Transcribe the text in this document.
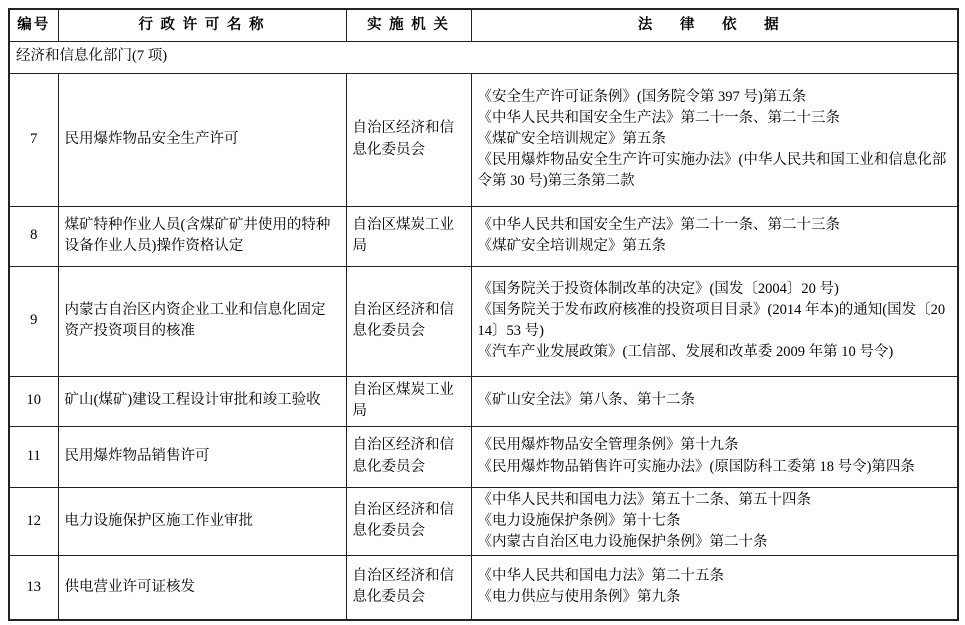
编号	行 政 许 可 名 称	实 施 机 关	法 律 依 据
经济和信息化部门(7 项)			
7	民用爆炸物品安全生产许可	自治区经济和信息化委员会	《安全生产许可证条例》(国务院令第 397 号)第五条
《中华人民共和国安全生产法》第二十一条、第二十三条
《煤矿安全培训规定》第五条
《民用爆炸物品安全生产许可实施办法》(中华人民共和国工业和信息化部令第 30 号)第三条第二款

8	煤矿特种作业人员(含煤矿矿井使用的特种设备作业人员)操作资格认定	自治区煤炭工业局	《中华人民共和国安全生产法》第二十一条、第二十三条
《煤矿安全培训规定》第五条

9	内蒙古自治区内资企业工业和信息化固定资产投资项目的核准	自治区经济和信息化委员会	《国务院关于投资体制改革的决定》(国发〔2004〕20 号)
《国务院关于发布政府核准的投资项目目录》(2014 年本)的通知(国发〔2014〕53 号)
《汽车产业发展政策》(工信部、发展和改革委 2009 年第 10 号令)

10	矿山(煤矿)建设工程设计审批和竣工验收	自治区煤炭工业局	《矿山安全法》第八条、第十二条

11	民用爆炸物品销售许可	自治区经济和信息化委员会	《民用爆炸物品安全管理条例》第十九条
《民用爆炸物品销售许可实施办法》(原国防科工委第 18 号令)第四条

12	电力设施保护区施工作业审批	自治区经济和信息化委员会	《中华人民共和国电力法》第五十二条、第五十四条
《电力设施保护条例》第十七条
《内蒙古自治区电力设施保护条例》第二十条

13	供电营业许可证核发	自治区经济和信息化委员会	《中华人民共和国电力法》第二十五条
《电力供应与使用条例》第九条
